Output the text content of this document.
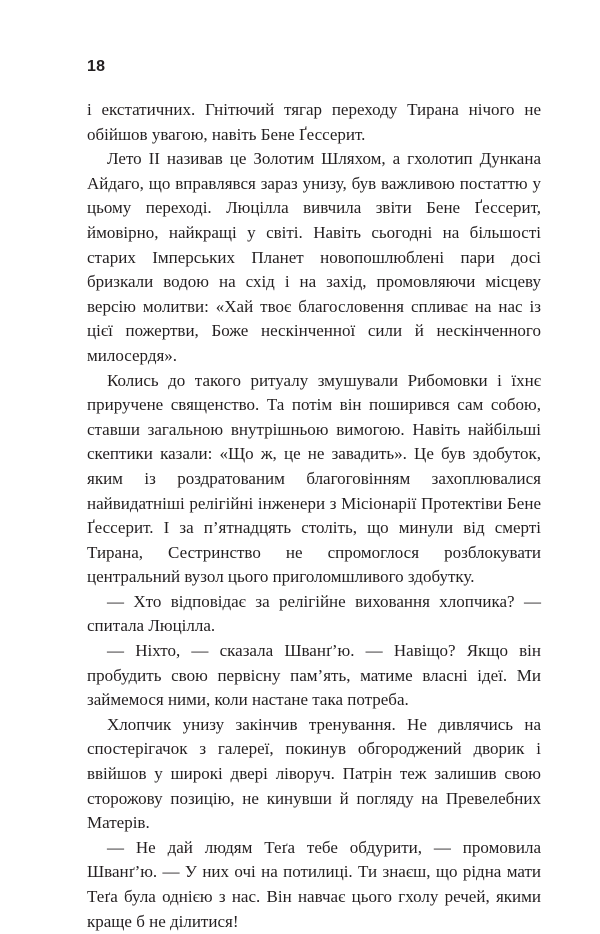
18

і екстатичних. Гнітючий тягар переходу Тирана нічого не обійшов увагою, навіть Бене Ґессерит.

Лето II називав це Золотим Шляхом, а гхолотип Дункана Айдаго, що вправлявся зараз унизу, був важливою постаттю у цьому переході. Люцілла вивчила звіти Бене Ґессерит, ймовірно, найкращі у світі. Навіть сьогодні на більшості старих Імперських Планет новопошлюблені пари досі бризкали водою на схід і на захід, промовляючи місцеву версію молитви: «Хай твоє благословення спливає на нас із цієї пожертви, Боже нескінченної сили й нескінченного милосердя».

Колись до такого ритуалу змушували Рибомовки і їхнє приручене священство. Та потім він поширився сам собою, ставши загальною внутрішньою вимогою. Навіть найбільші скептики казали: «Що ж, це не завадить». Це був здобуток, яким із роздратованим благоговінням захоплювалися найвидатніші релігійні інженери з Місіонарії Протектіви Бене Ґессерит. І за п’ятнадцять століть, що минули від смерті Тирана, Сестринство не спромоглося розблокувати центральний вузол цього приголомшливого здобутку.

— Хто відповідає за релігійне виховання хлопчика? — спитала Люцілла.

— Ніхто, — сказала Шванґ’ю. — Навіщо? Якщо він пробудить свою первісну пам’ять, матиме власні ідеї. Ми займемося ними, коли настане така потреба.

Хлопчик унизу закінчив тренування. Не дивлячись на спостерігачок з галереї, покинув обгороджений дворик і ввійшов у широкі двері ліворуч. Патрін теж залишив свою сторожову позицію, не кинувши й погляду на Превелебних Матерів.

— Не дай людям Теґа тебе обдурити, — промовила Шванґ’ю. — У них очі на потилиці. Ти знаєш, що рідна мати Теґа була однією з нас. Він навчає цього гхолу речей, якими краще б не ділитися!
